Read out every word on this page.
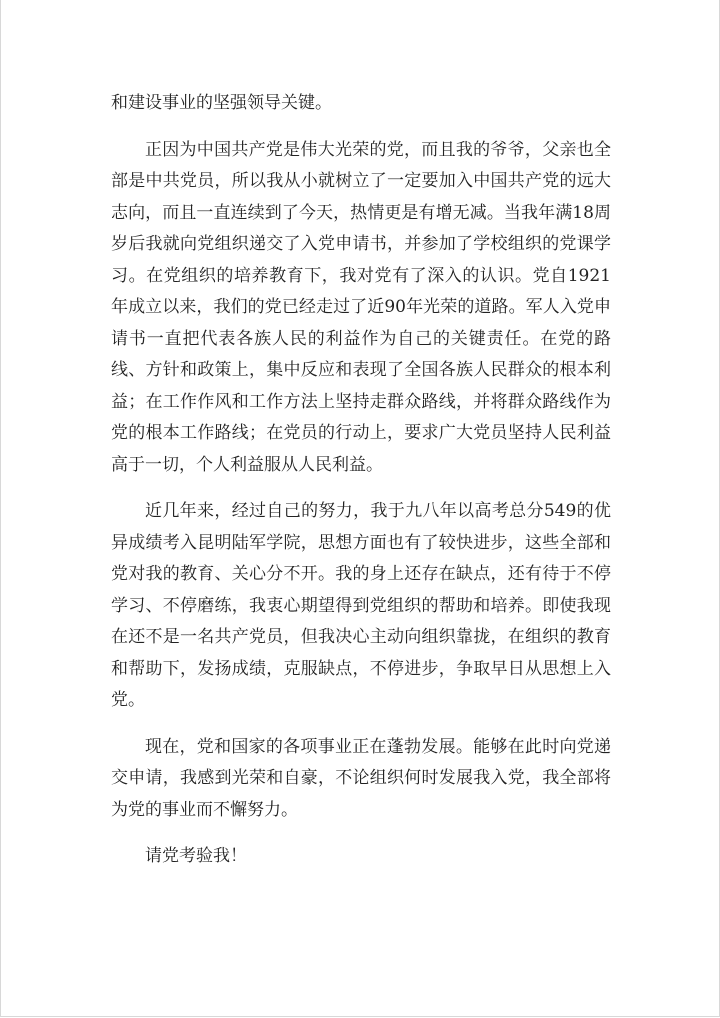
和建设事业的坚强领导关键。

正因为中国共产党是伟大光荣的党，而且我的爷爷，父亲也全部是中共党员，所以我从小就树立了一定要加入中国共产党的远大志向，而且一直连续到了今天，热情更是有增无减。当我年满18周岁后我就向党组织递交了入党申请书，并参加了学校组织的党课学习。在党组织的培养教育下，我对党有了深入的认识。党自1921年成立以来，我们的党已经走过了近90年光荣的道路。军人入党申请书一直把代表各族人民的利益作为自己的关键责任。在党的路线、方针和政策上，集中反应和表现了全国各族人民群众的根本利益；在工作作风和工作方法上坚持走群众路线，并将群众路线作为党的根本工作路线；在党员的行动上，要求广大党员坚持人民利益高于一切，个人利益服从人民利益。

近几年来，经过自己的努力，我于九八年以高考总分549的优异成绩考入昆明陆军学院，思想方面也有了较快进步，这些全部和党对我的教育、关心分不开。我的身上还存在缺点，还有待于不停学习、不停磨练，我衷心期望得到党组织的帮助和培养。即使我现在还不是一名共产党员，但我决心主动向组织靠拢，在组织的教育和帮助下，发扬成绩，克服缺点，不停进步，争取早日从思想上入党。

现在，党和国家的各项事业正在蓬勃发展。能够在此时向党递交申请，我感到光荣和自豪，不论组织何时发展我入党，我全部将为党的事业而不懈努力。

请党考验我！
